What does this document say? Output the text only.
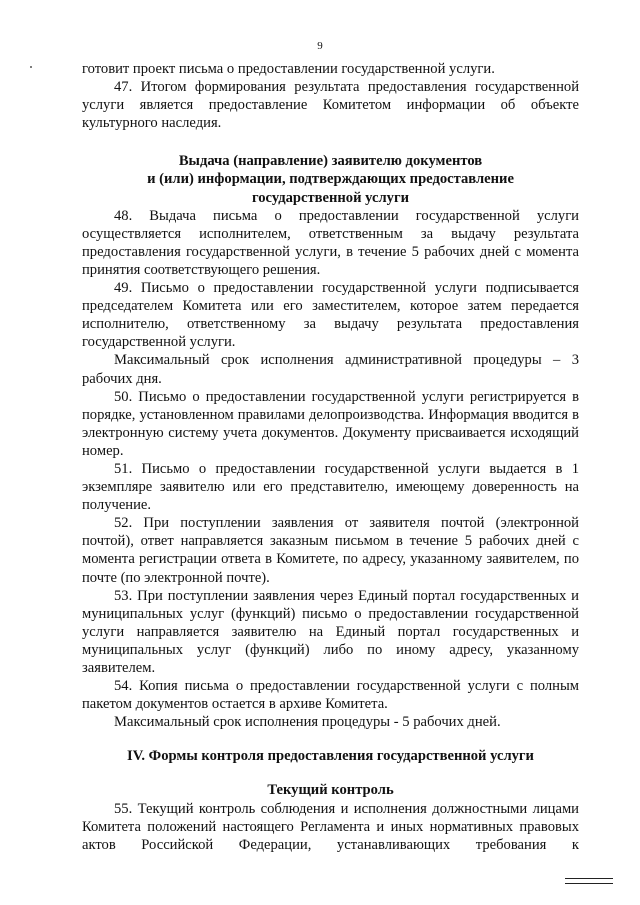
9

готовит проект письма о предоставлении государственной услуги.

47. Итогом формирования результата предоставления государственной услуги является предоставление Комитетом информации об объекте культурного наследия.

Выдача (направление) заявителю документов
и (или) информации, подтверждающих предоставление
государственной услуги

48. Выдача письма о предоставлении государственной услуги осуществляется исполнителем, ответственным за выдачу результата предоставления государственной услуги, в течение 5 рабочих дней с момента принятия соответствующего решения.

49. Письмо о предоставлении государственной услуги подписывается председателем Комитета или его заместителем, которое затем передается исполнителю, ответственному за выдачу результата предоставления государственной услуги.

Максимальный срок исполнения административной процедуры – 3 рабочих дня.

50. Письмо о предоставлении государственной услуги регистрируется в порядке, установленном правилами делопроизводства. Информация вводится в электронную систему учета документов. Документу присваивается исходящий номер.

51. Письмо о предоставлении государственной услуги выдается в 1 экземпляре заявителю или его представителю, имеющему доверенность на получение.

52. При поступлении заявления от заявителя почтой (электронной почтой), ответ направляется заказным письмом в течение 5 рабочих дней с момента регистрации ответа в Комитете, по адресу, указанному заявителем, по почте (по электронной почте).

53. При поступлении заявления через Единый портал государственных и муниципальных услуг (функций) письмо о предоставлении государственной услуги направляется заявителю на Единый портал государственных и муниципальных услуг (функций) либо по иному адресу, указанному заявителем.

54. Копия письма о предоставлении государственной услуги с полным пакетом документов остается в архиве Комитета.

Максимальный срок исполнения процедуры - 5 рабочих дней.

IV. Формы контроля предоставления государственной услуги
Текущий контроль

55. Текущий контроль соблюдения и исполнения должностными лицами Комитета положений настоящего Регламента и иных нормативных правовых актов Российской Федерации, устанавливающих требования к
